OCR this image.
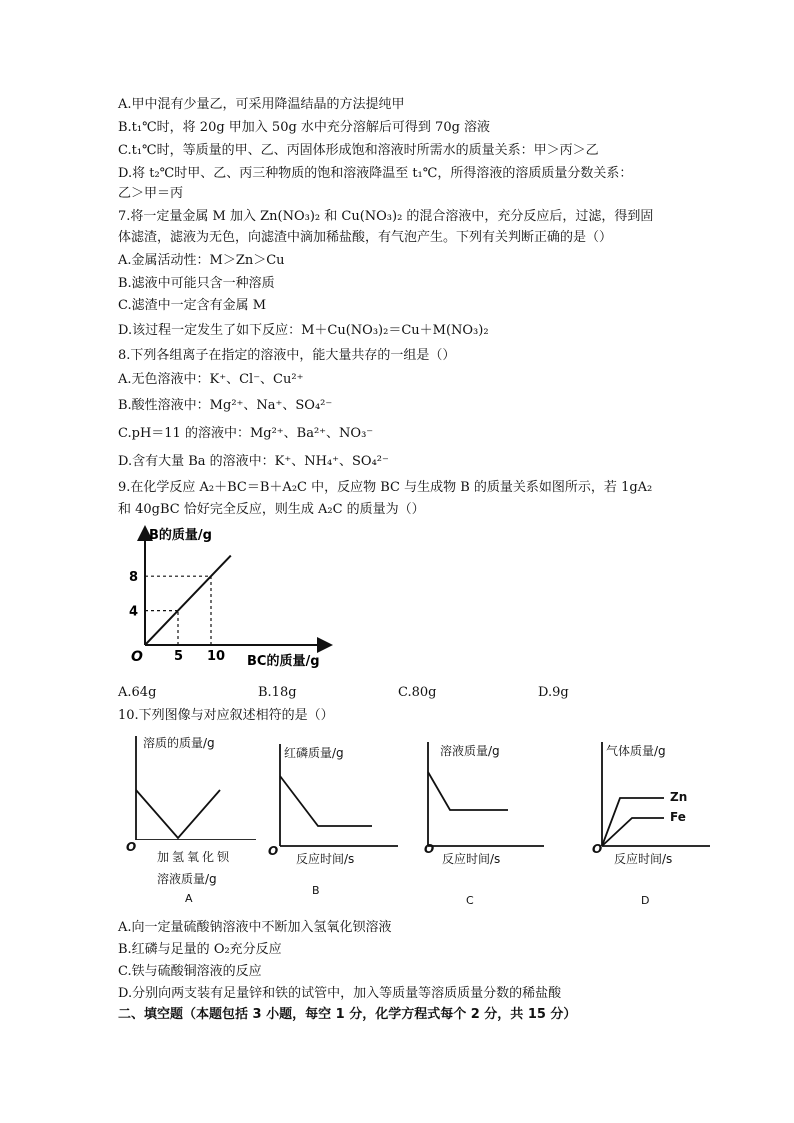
A.甲中混有少量乙，可采用降温结晶的方法提纯甲
B.t₁℃时，将 20g 甲加入 50g 水中充分溶解后可得到 70g 溶液
C.t₁℃时，等质量的甲、乙、丙固体形成饱和溶液时所需水的质量关系：甲＞丙＞乙
D.将 t₂℃时甲、乙、丙三种物质的饱和溶液降温至 t₁℃，所得溶液的溶质质量分数关系：
乙＞甲＝丙
7.将一定量金属 M 加入 Zn(NO₃)₂ 和 Cu(NO₃)₂ 的混合溶液中，充分反应后，过滤，得到固
体滤渣，滤液为无色，向滤渣中滴加稀盐酸，有气泡产生。下列有关判断正确的是（）
A.金属活动性：M＞Zn＞Cu
B.滤液中可能只含一种溶质
C.滤渣中一定含有金属 M
D.该过程一定发生了如下反应：M＋Cu(NO₃)₂＝Cu＋M(NO₃)₂
8.下列各组离子在指定的溶液中，能大量共存的一组是（）
A.无色溶液中：K⁺、Cl⁻、Cu²⁺
B.酸性溶液中：Mg²⁺、Na⁺、SO₄²⁻
C.pH＝11 的溶液中：Mg²⁺、Ba²⁺、NO₃⁻
D.含有大量 Ba 的溶液中：K⁺、NH₄⁺、SO₄²⁻
9.在化学反应 A₂＋BC＝B＋A₂C 中，反应物 BC 与生成物 B 的质量关系如图所示，若 1gA₂
和 40gBC 恰好完全反应，则生成 A₂C 的质量为（）
5
4
10
8
B的质量/g
BC的质量/g
O
A.64g	B.18g	C.80g	D.9g
10.下列图像与对应叙述相符的是（）
溶质的质量/g
O
加氢氧化钡
溶液质量/g
A
红磷质量/g
O
反应时间/s
B
溶液质量/g
O
反应时间/s
C
气体质量/g
O
Zn
Fe
反应时间/s
D
A.向一定量硫酸钠溶液中不断加入氢氧化钡溶液
B.红磷与足量的 O₂充分反应
C.铁与硫酸铜溶液的反应
D.分别向两支装有足量锌和铁的试管中，加入等质量等溶质质量分数的稀盐酸
二、填空题（本题包括 3 小题，每空 1 分，化学方程式每个 2 分，共 15 分）
